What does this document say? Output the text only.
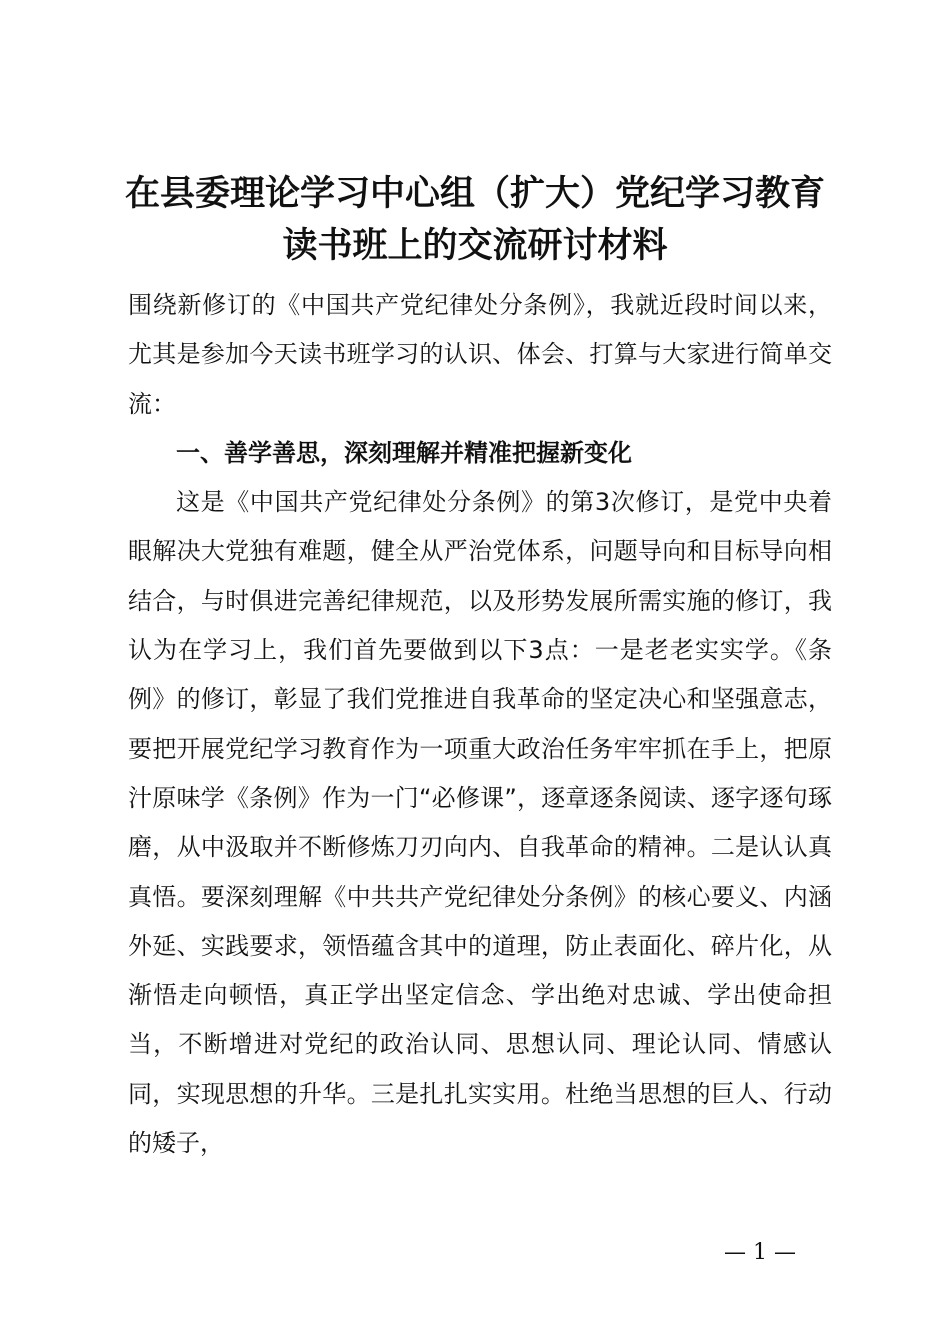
在县委理论学习中心组（扩大）党纪学习教育
读书班上的交流研讨材料

围绕新修订的《中国共产党纪律处分条例》，我就近段时间以来，尤其是参加今天读书班学习的认识、体会、打算与大家进行简单交流：

一、善学善思，深刻理解并精准把握新变化

这是《中国共产党纪律处分条例》的第3次修订，是党中央着眼解决大党独有难题，健全从严治党体系，问题导向和目标导向相结合，与时俱进完善纪律规范，以及形势发展所需实施的修订，我认为在学习上，我们首先要做到以下3点：一是老老实实学。《条例》的修订，彰显了我们党推进自我革命的坚定决心和坚强意志，要把开展党纪学习教育作为一项重大政治任务牢牢抓在手上，把原汁原味学《条例》作为一门“必修课”，逐章逐条阅读、逐字逐句琢磨，从中汲取并不断修炼刀刃向内、自我革命的精神。二是认认真真悟。要深刻理解《中共共产党纪律处分条例》的核心要义、内涵外延、实践要求，领悟蕴含其中的道理，防止表面化、碎片化，从渐悟走向顿悟，真正学出坚定信念、学出绝对忠诚、学出使命担当，不断增进对党纪的政治认同、思想认同、理论认同、情感认同，实现思想的升华。三是扎扎实实用。杜绝当思想的巨人、行动的矮子，

— 1 —
